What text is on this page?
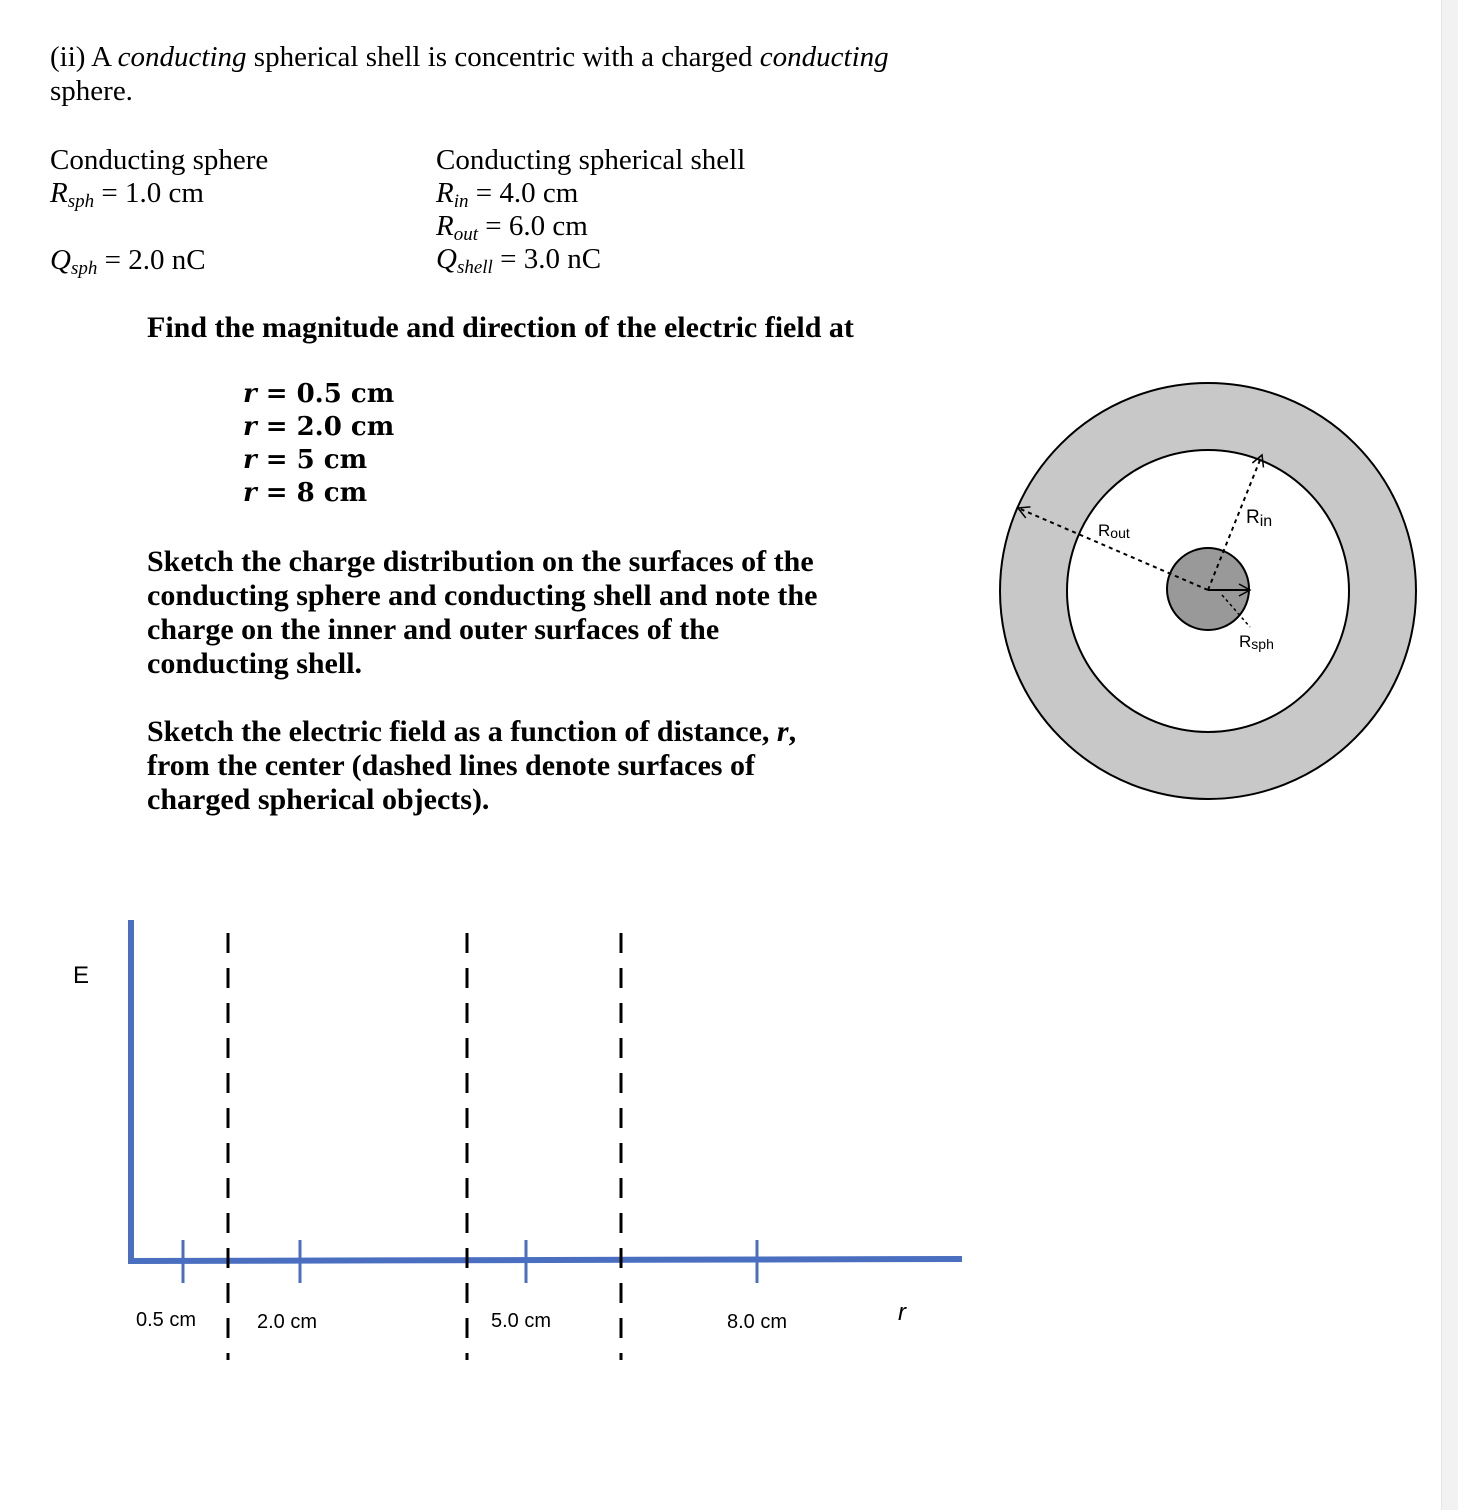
(ii) A conducting spherical shell is concentric with a charged conducting
sphere.
Conducting sphere
$R_{sph} = 1.0$ cm
$Q_{sph} = 2.0$ nC
Conducting spherical shell
$R_{in} = 4.0$ cm
$R_{out} = 6.0$ cm
$Q_{shell} = 3.0$ nC
Find the magnitude and direction of the electric field at
r = 0.5 cm
r = 2.0 cm
r = 5 cm
r = 8 cm
Sketch the charge distribution on the surfaces of the
conducting sphere and conducting shell and note the
charge on the inner and outer surfaces of the
conducting shell.
Sketch the electric field as a function of distance, r,
from the center (dashed lines denote surfaces of
charged spherical objects).
Rout
Rin
Rsph
E
r
0.5 cm	2.0 cm	5.0 cm	8.0 cm
